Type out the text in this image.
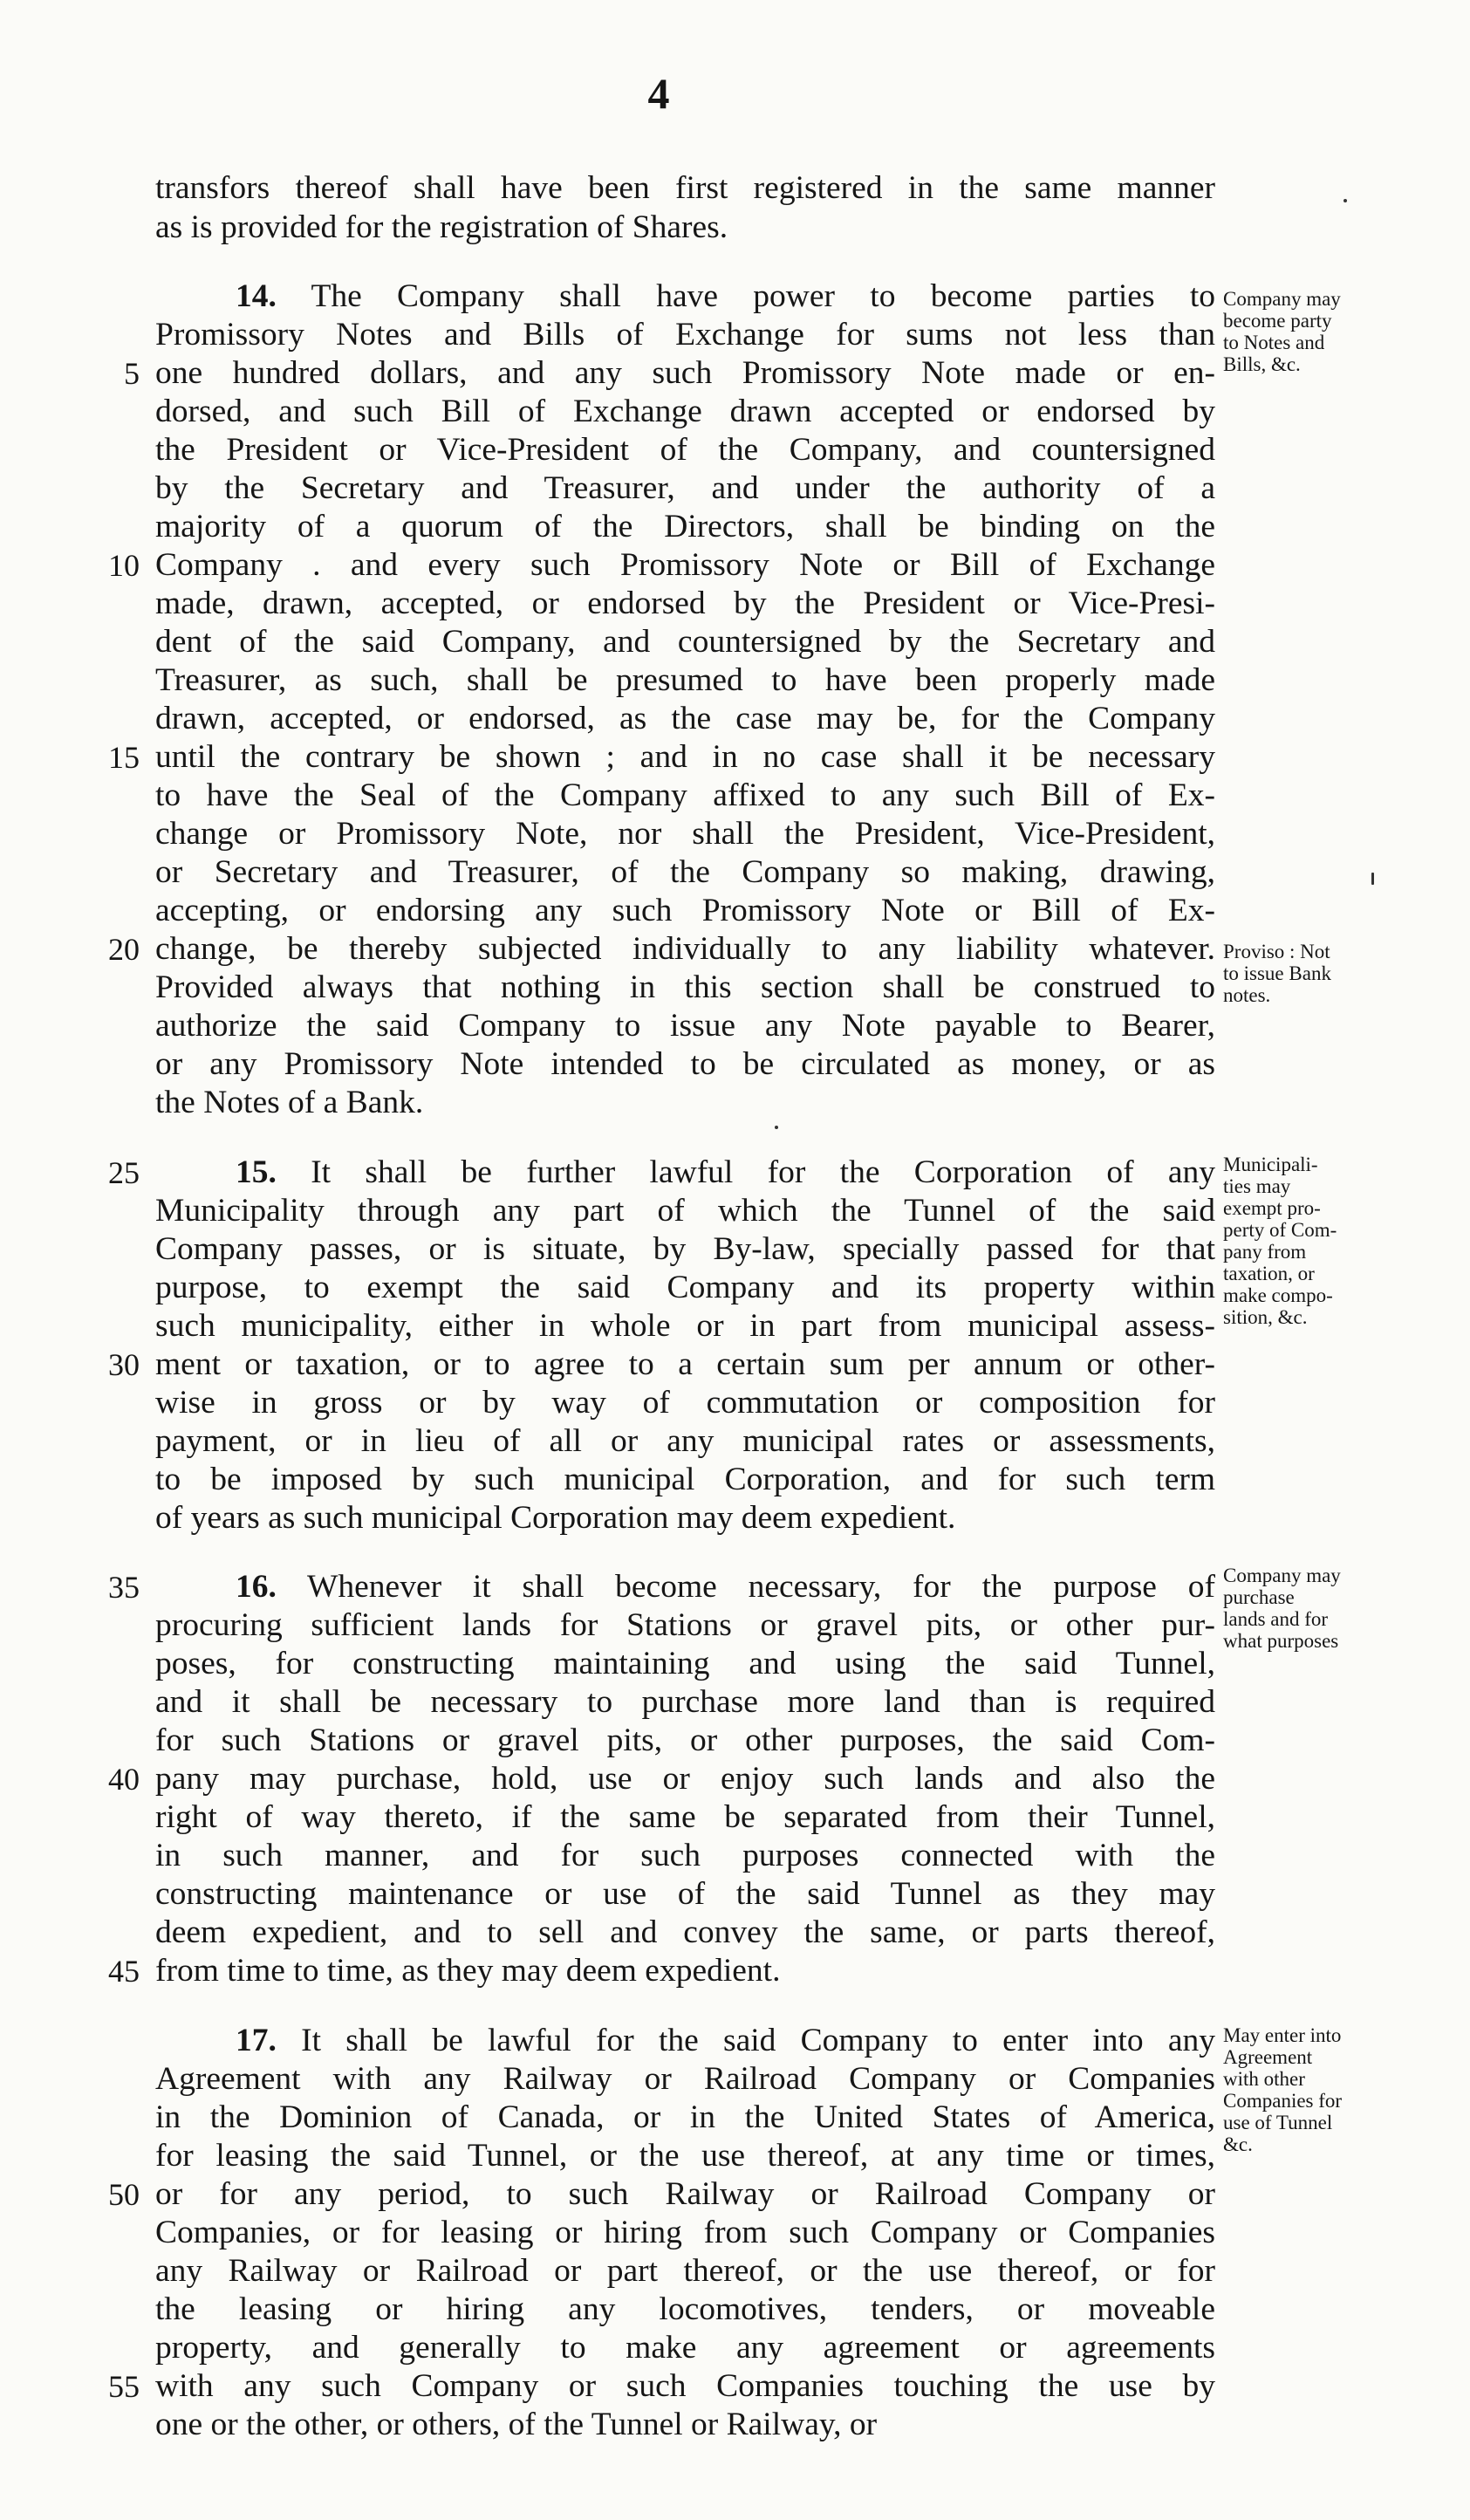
4
transfors thereof shall have been first registered in the same manner
as is provided for the registration of Shares.
14. The Company shall have power to become parties to
Promissory Notes and Bills of Exchange for sums not less than
one hundred dollars, and any such Promissory Note made or en-
dorsed, and such Bill of Exchange drawn accepted or endorsed by
the President or Vice-President of the Company, and countersigned
by the Secretary and Treasurer, and under the authority of a
majority of a quorum of the Directors, shall be binding on the
Company . and every such Promissory Note or Bill of Exchange
made, drawn, accepted, or endorsed by the President or Vice-Presi-
dent of the said Company, and countersigned by the Secretary and
Treasurer, as such, shall be presumed to have been properly made
drawn, accepted, or endorsed, as the case may be, for the Company
until the contrary be shown ; and in no case shall it be necessary
to have the Seal of the Company affixed to any such Bill of Ex-
change or Promissory Note, nor shall the President, Vice-President,
or Secretary and Treasurer, of the Company so making, drawing,
accepting, or endorsing any such Promissory Note or Bill of Ex-
change, be thereby subjected individually to any liability whatever.
Provided always that nothing in this section shall be construed to
authorize the said Company to issue any Note payable to Bearer,
or any Promissory Note intended to be circulated as money, or as
the Notes of a Bank.
15. It shall be further lawful for the Corporation of any
Municipality through any part of which the Tunnel of the said
Company passes, or is situate, by By-law, specially passed for that
purpose, to exempt the said Company and its property within
such municipality, either in whole or in part from municipal assess-
ment or taxation, or to agree to a certain sum per annum or other-
wise in gross or by way of commutation or composition for
payment, or in lieu of all or any municipal rates or assessments,
to be imposed by such municipal Corporation, and for such term
of years as such municipal Corporation may deem expedient.
16. Whenever it shall become necessary, for the purpose of
procuring sufficient lands for Stations or gravel pits, or other pur-
poses, for constructing maintaining and using the said Tunnel,
and it shall be necessary to purchase more land than is required
for such Stations or gravel pits, or other purposes, the said Com-
pany may purchase, hold, use or enjoy such lands and also the
right of way thereto, if the same be separated from their Tunnel,
in such manner, and for such purposes connected with the
constructing maintenance or use of the said Tunnel as they may
deem expedient, and to sell and convey the same, or parts thereof,
from time to time, as they may deem expedient.
17. It shall be lawful for the said Company to enter into any
Agreement with any Railway or Railroad Company or Companies
in the Dominion of Canada, or in the United States of America,
for leasing the said Tunnel, or the use thereof, at any time or times,
or for any period, to such Railway or Railroad Company or
Companies, or for leasing or hiring from such Company or Companies
any Railway or Railroad or part thereof, or the use thereof, or for
the leasing or hiring any locomotives, tenders, or moveable
property, and generally to make any agreement or agreements
with any such Company or such Companies touching the use by
one or the other, or others, of the Tunnel or Railway, or
5
10
15
20
25
30
35
40
45
50
55
Company may
become party
to Notes and
Bills, &c.
Proviso : Not
to issue Bank
notes.
Municipali-
ties may
exempt pro-
perty of Com-
pany from
taxation, or
make compo-
sition, &c.
Company may
purchase
lands and for
what purposes
May enter into
Agreement
with other
Companies for
use of Tunnel
&c.
